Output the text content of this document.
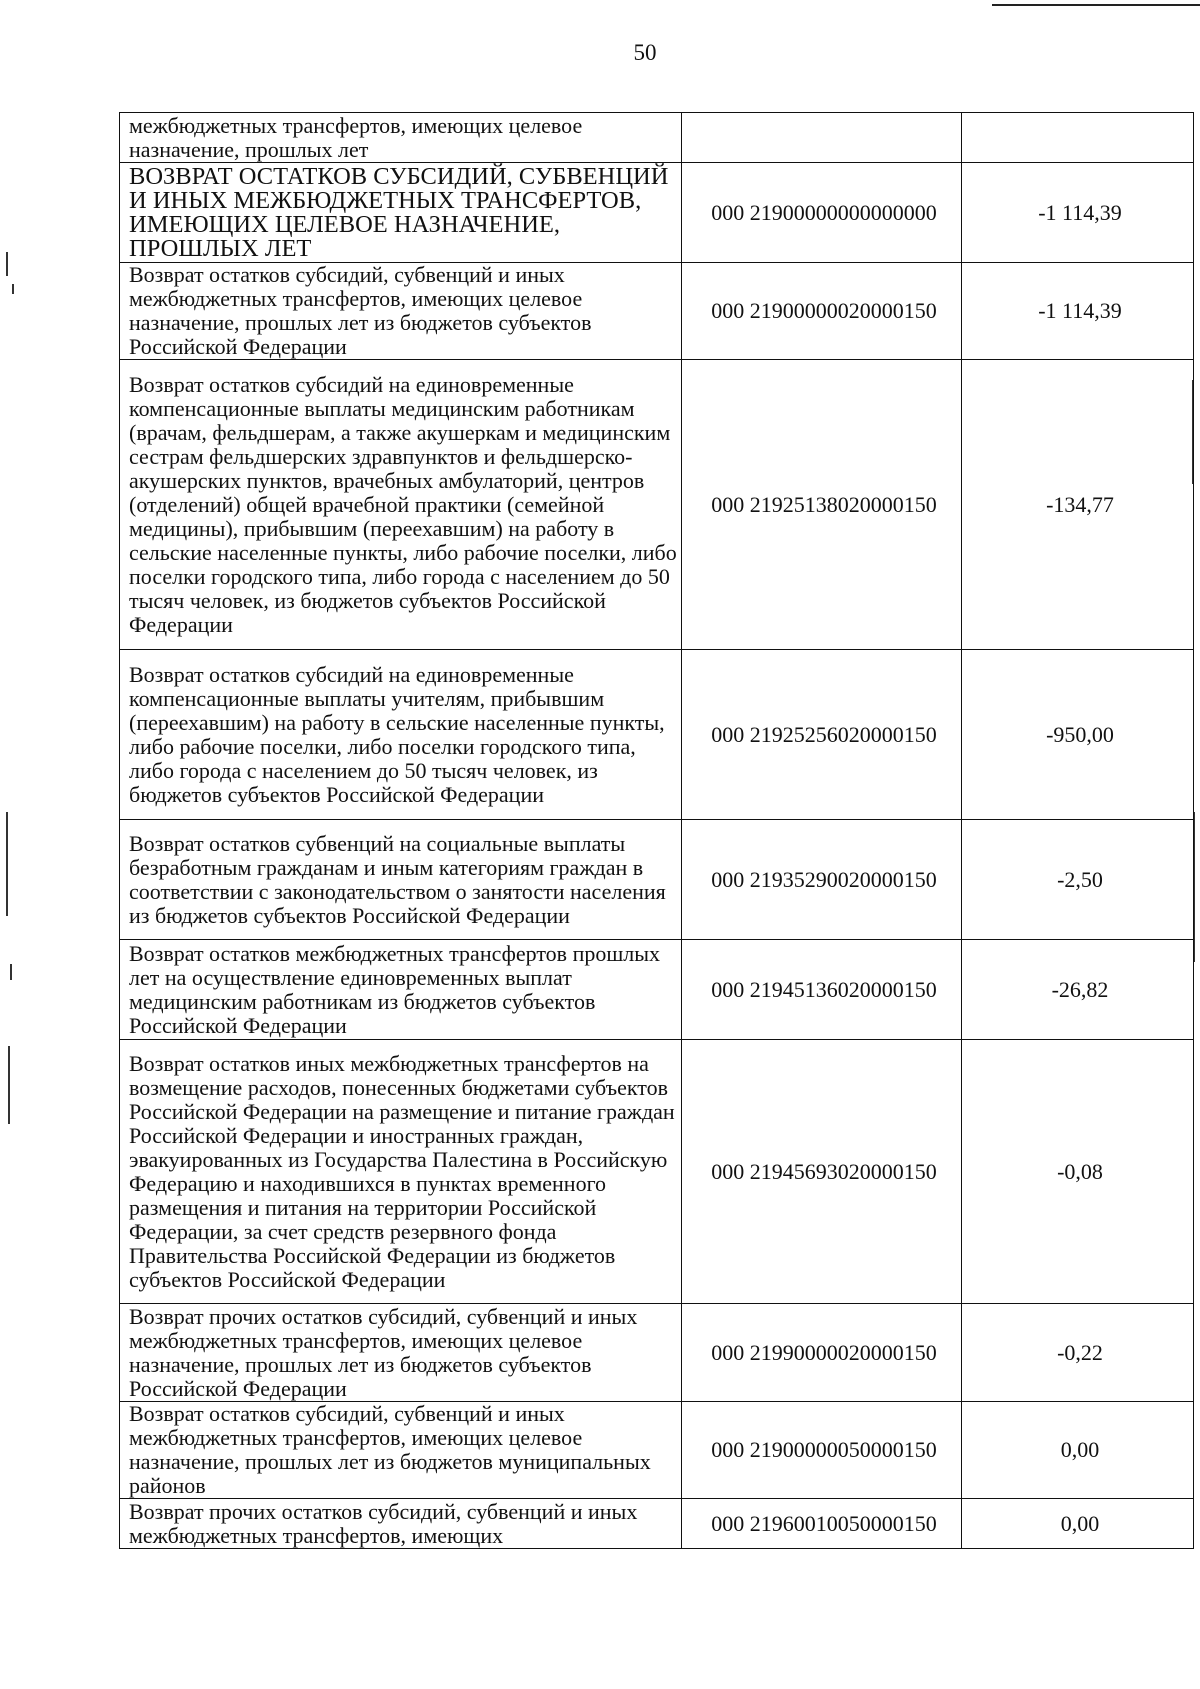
50
межбюджетных трансфертов, имеющих целевое назначение, прошлых лет		
ВОЗВРАТ ОСТАТКОВ СУБСИДИЙ, СУБВЕНЦИЙ И ИНЫХ МЕЖБЮДЖЕТНЫХ ТРАНСФЕРТОВ, ИМЕЮЩИХ ЦЕЛЕВОЕ НАЗНАЧЕНИЕ, ПРОШЛЫХ ЛЕТ	000 21900000000000000	-1 114,39
Возврат остатков субсидий, субвенций и иных межбюджетных трансфертов, имеющих целевое назначение, прошлых лет из бюджетов субъектов Российской Федерации	000 21900000020000150	-1 114,39
Возврат остатков субсидий на единовременные компенсационные выплаты медицинским работникам (врачам, фельдшерам, а также акушеркам и медицинским сестрам фельдшерских здравпунктов и фельдшерско-акушерских пунктов, врачебных амбулаторий, центров (отделений) общей врачебной практики (семейной медицины), прибывшим (переехавшим) на работу в сельские населенные пункты, либо рабочие поселки, либо поселки городского типа, либо города с населением до 50 тысяч человек, из бюджетов субъектов Российской Федерации	000 21925138020000150	-134,77
Возврат остатков субсидий на единовременные компенсационные выплаты учителям, прибывшим (переехавшим) на работу в сельские населенные пункты, либо рабочие поселки, либо поселки городского типа, либо города с населением до 50 тысяч человек, из бюджетов субъектов Российской Федерации	000 21925256020000150	-950,00
Возврат остатков субвенций на социальные выплаты безработным гражданам и иным категориям граждан в соответствии с законодательством о занятости населения из бюджетов субъектов Российской Федерации	000 21935290020000150	-2,50
Возврат остатков межбюджетных трансфертов прошлых лет на осуществление единовременных выплат медицинским работникам из бюджетов субъектов Российской Федерации	000 21945136020000150	-26,82
Возврат остатков иных межбюджетных трансфертов на возмещение расходов, понесенных бюджетами субъектов Российской Федерации на размещение и питание граждан Российской Федерации и иностранных граждан, эвакуированных из Государства Палестина в Российскую Федерацию и находившихся в пунктах временного размещения и питания на территории Российской Федерации, за счет средств резервного фонда Правительства Российской Федерации из бюджетов субъектов Российской Федерации	000 21945693020000150	-0,08
Возврат прочих остатков субсидий, субвенций и иных межбюджетных трансфертов, имеющих целевое назначение, прошлых лет из бюджетов субъектов Российской Федерации	000 21990000020000150	-0,22
Возврат остатков субсидий, субвенций и иных межбюджетных трансфертов, имеющих целевое назначение, прошлых лет из бюджетов муниципальных районов	000 21900000050000150	0,00
Возврат прочих остатков субсидий, субвенций и иных межбюджетных трансфертов, имеющих	000 21960010050000150	0,00
